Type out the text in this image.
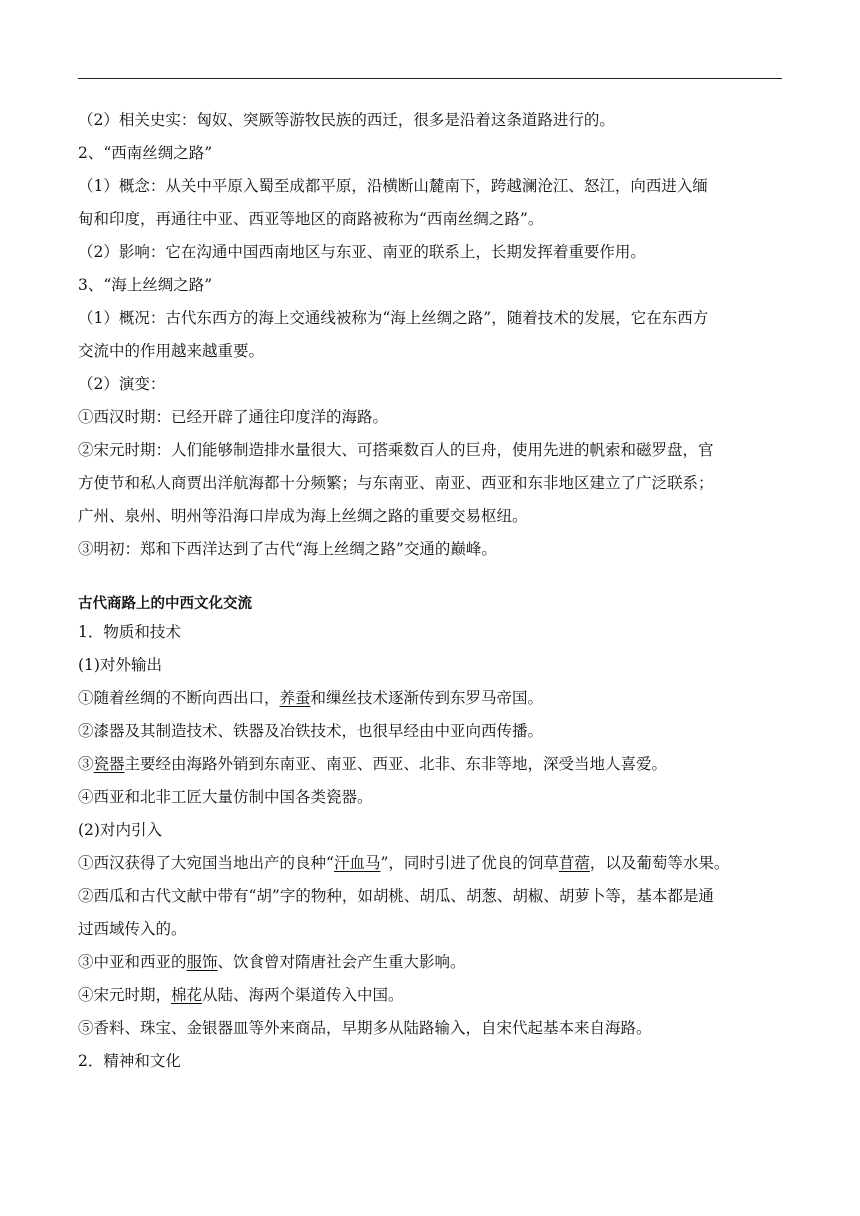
（2）相关史实：匈奴、突厥等游牧民族的西迁，很多是沿着这条道路进行的。

2、“西南丝绸之路”

（1）概念：从关中平原入蜀至成都平原，沿横断山麓南下，跨越澜沧江、怒江，向西进入缅

甸和印度，再通往中亚、西亚等地区的商路被称为“西南丝绸之路”。

（2）影响：它在沟通中国西南地区与东亚、南亚的联系上，长期发挥着重要作用。

3、“海上丝绸之路”

（1）概况：古代东西方的海上交通线被称为“海上丝绸之路”，随着技术的发展，它在东西方

交流中的作用越来越重要。

（2）演变：

①西汉时期：已经开辟了通往印度洋的海路。

②宋元时期：人们能够制造排水量很大、可搭乘数百人的巨舟，使用先进的帆索和磁罗盘，官

方使节和私人商贾出洋航海都十分频繁；与东南亚、南亚、西亚和东非地区建立了广泛联系；

广州、泉州、明州等沿海口岸成为海上丝绸之路的重要交易枢纽。

③明初：郑和下西洋达到了古代“海上丝绸之路”交通的巅峰。

古代商路上的中西文化交流

1．物质和技术

(1)对外输出

①随着丝绸的不断向西出口，养蚕和缫丝技术逐渐传到东罗马帝国。

②漆器及其制造技术、铁器及冶铁技术，也很早经由中亚向西传播。

③瓷器主要经由海路外销到东南亚、南亚、西亚、北非、东非等地，深受当地人喜爱。

④西亚和北非工匠大量仿制中国各类瓷器。

(2)对内引入

①西汉获得了大宛国当地出产的良种“汗血马”，同时引进了优良的饲草苜蓿，以及葡萄等水果。

②西瓜和古代文献中带有“胡”字的物种，如胡桃、胡瓜、胡葱、胡椒、胡萝卜等，基本都是通

过西域传入的。

③中亚和西亚的服饰、饮食曾对隋唐社会产生重大影响。

④宋元时期，棉花从陆、海两个渠道传入中国。

⑤香料、珠宝、金银器皿等外来商品，早期多从陆路输入，自宋代起基本来自海路。

2．精神和文化
